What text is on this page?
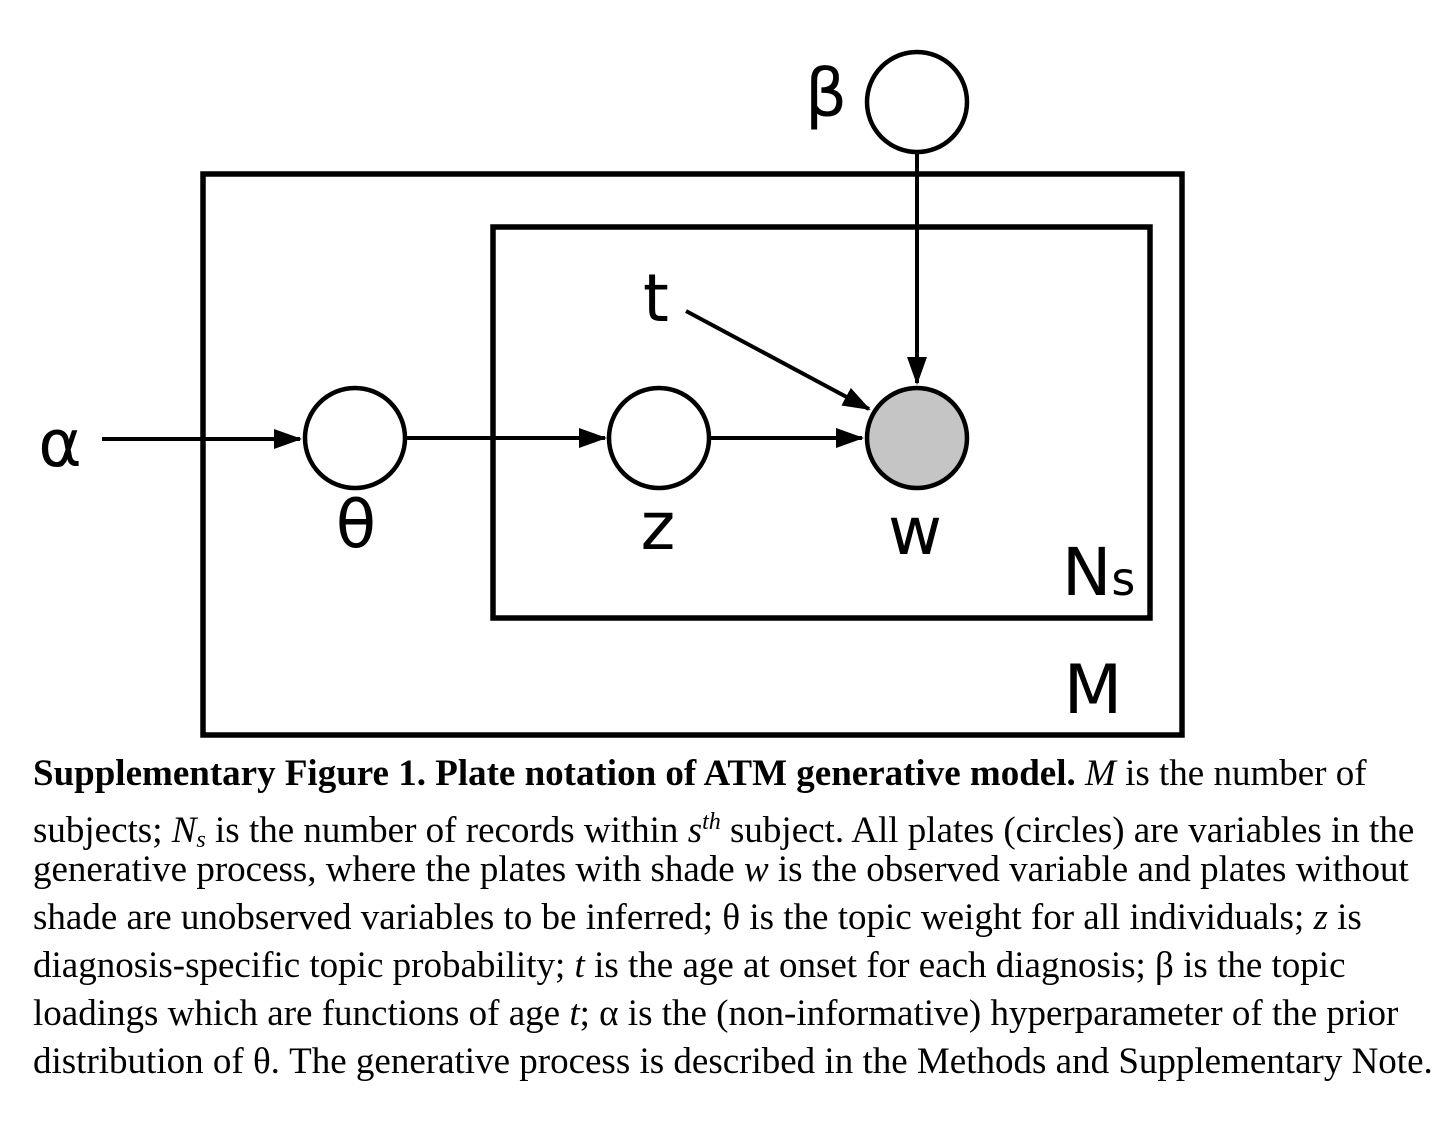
α
θ	z
t
w
β
Ns
M
Supplementary Figure 1. Plate notation of ATM generative model. M is the number of
subjects; Ns is the number of records within $s^{th}$ subject. All plates (circles) are variables in the
generative process, where the plates with shade w is the observed variable and plates without
shade are unobserved variables to be inferred; θ is the topic weight for all individuals; z is
diagnosis-specific topic probability; t is the age at onset for each diagnosis; β is the topic
loadings which are functions of age t; α is the (non-informative) hyperparameter of the prior
distribution of θ. The generative process is described in the Methods and Supplementary Note.
